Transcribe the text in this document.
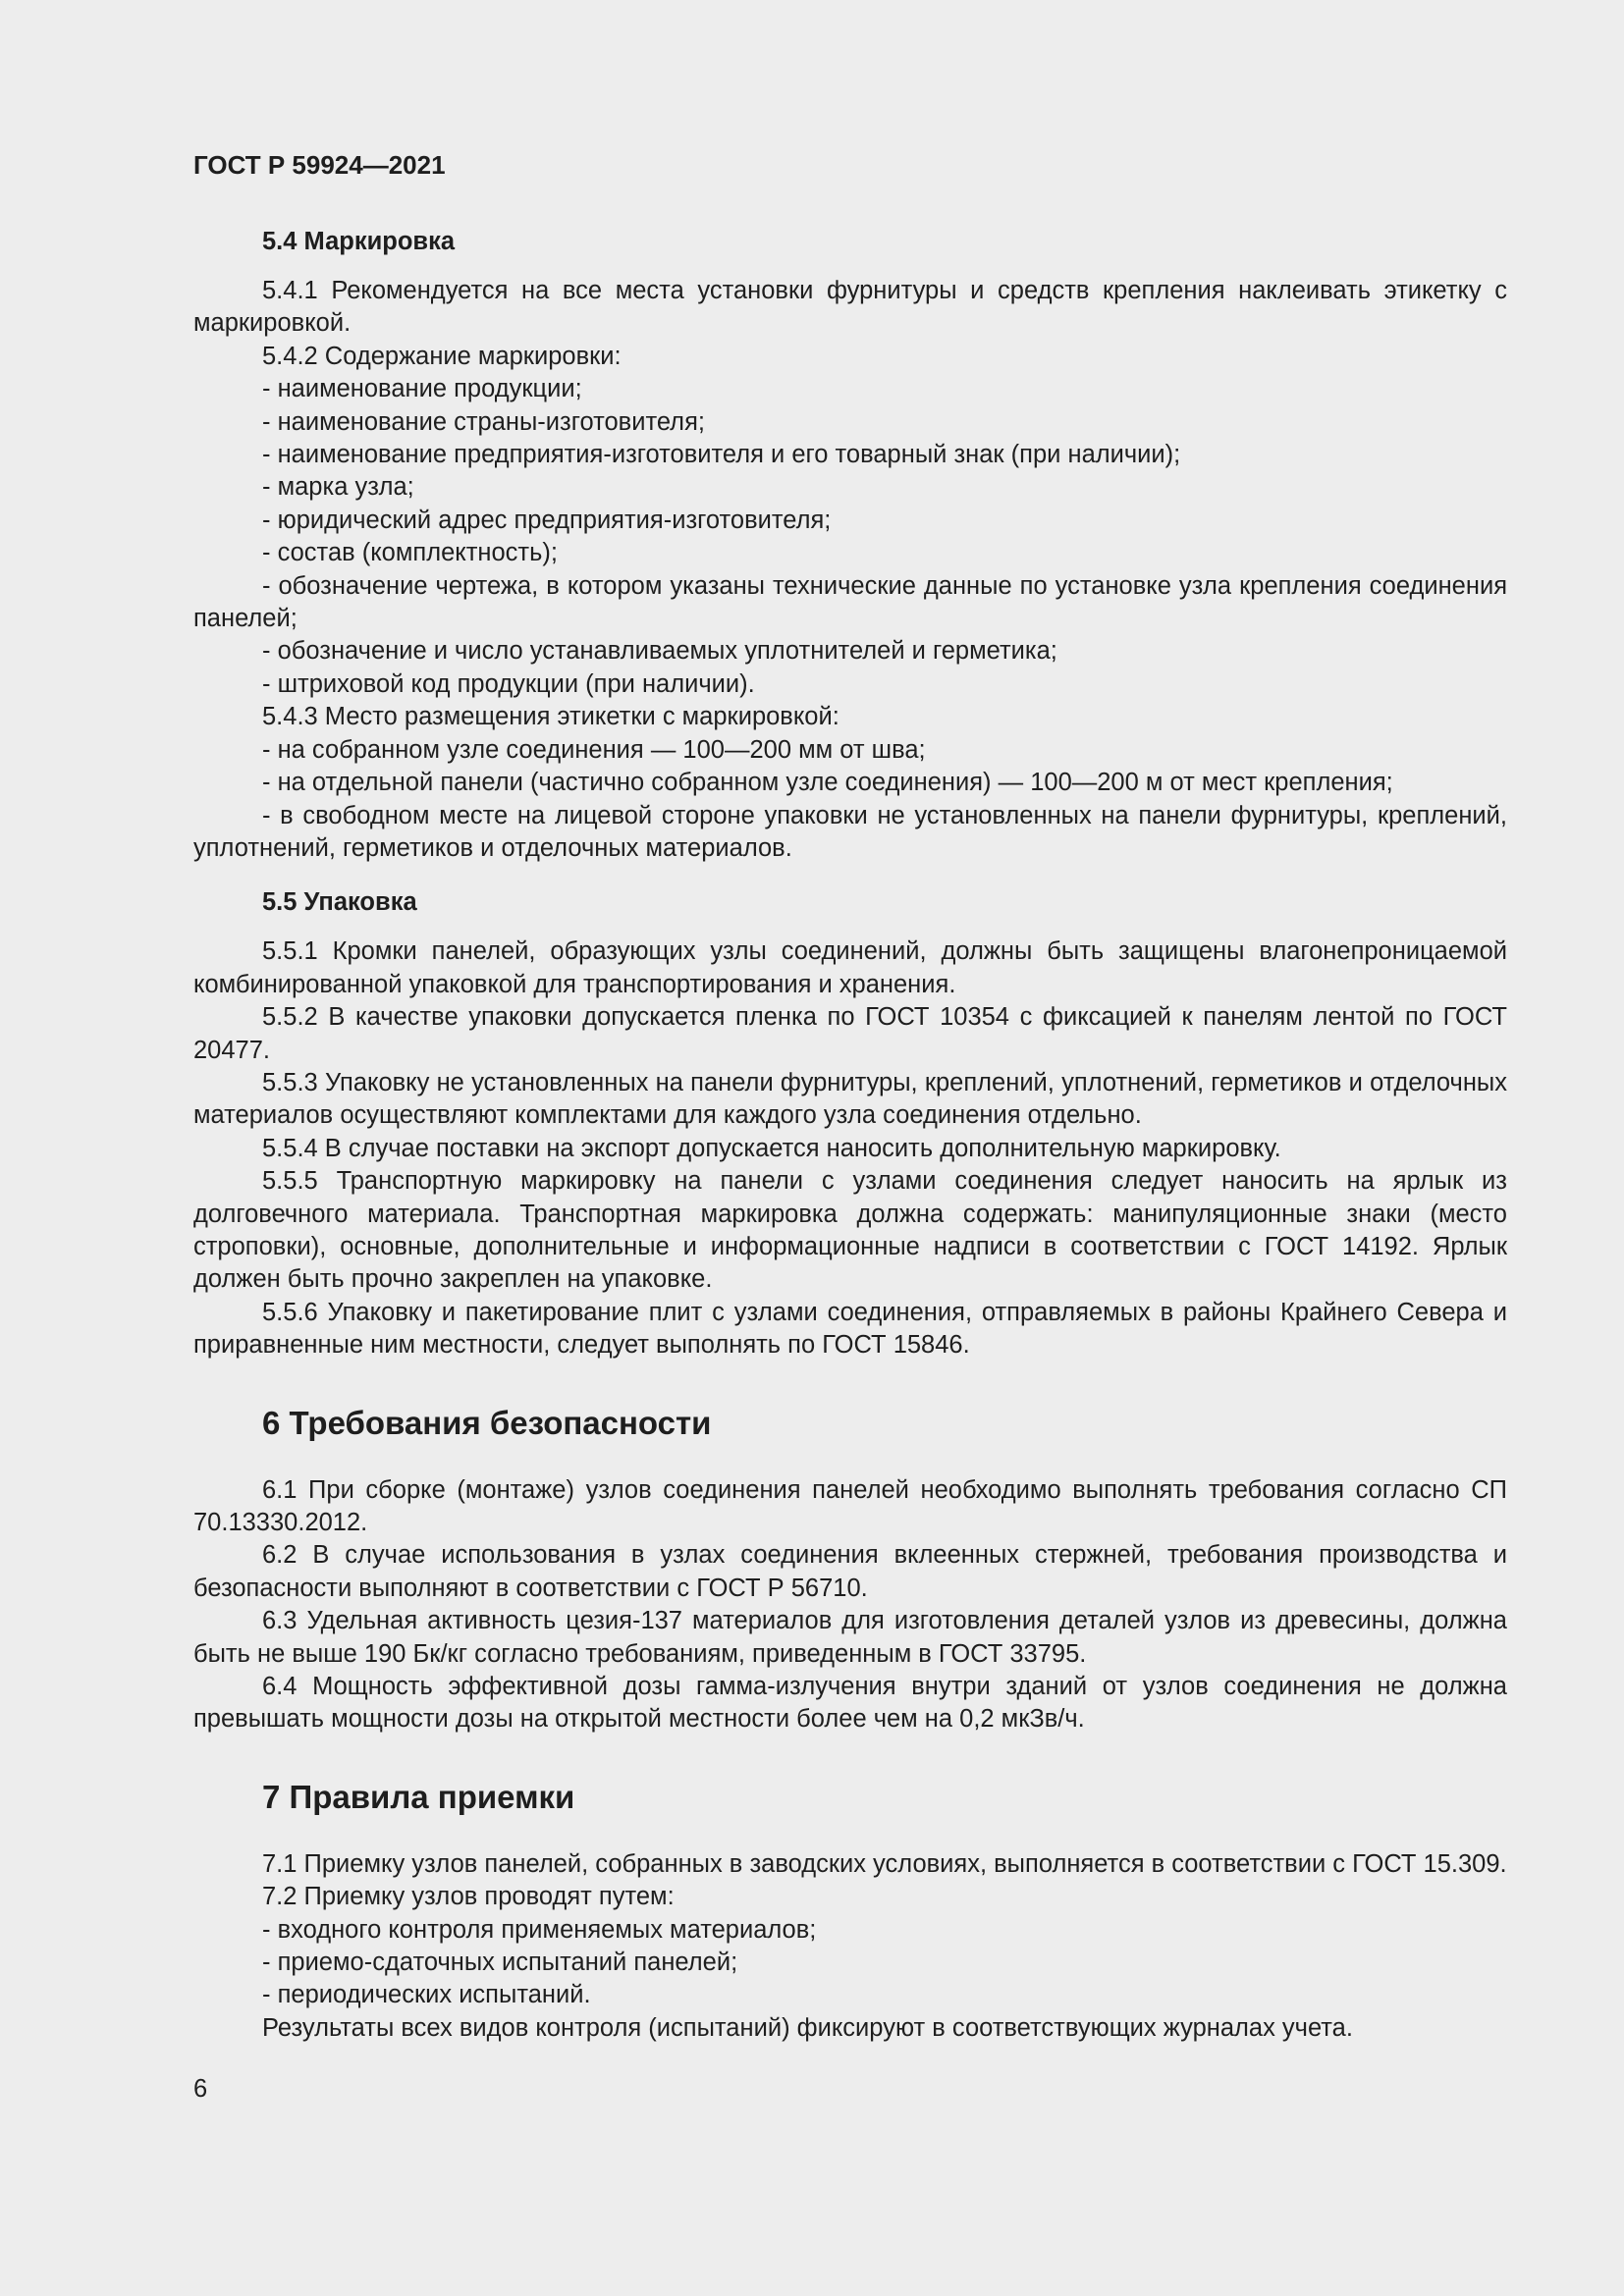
ГОСТ Р 59924—2021
5.4 Маркировка

5.4.1 Рекомендуется на все места установки фурнитуры и средств крепления наклеивать этикетку с маркировкой.

5.4.2 Содержание маркировки:

- наименование продукции;

- наименование страны-изготовителя;

- наименование предприятия-изготовителя и его товарный знак (при наличии);

- марка узла;

- юридический адрес предприятия-изготовителя;

- состав (комплектность);

- обозначение чертежа, в котором указаны технические данные по установке узла крепления соединения панелей;

- обозначение и число устанавливаемых уплотнителей и герметика;

- штриховой код продукции (при наличии).

5.4.3 Место размещения этикетки с маркировкой:

- на собранном узле соединения — 100—200 мм от шва;

- на отдельной панели (частично собранном узле соединения) — 100—200 м от мест крепления;

- в свободном месте на лицевой стороне упаковки не установленных на панели фурнитуры, креплений, уплотнений, герметиков и отделочных материалов.

5.5 Упаковка

5.5.1 Кромки панелей, образующих узлы соединений, должны быть защищены влагонепроницаемой комбинированной упаковкой для транспортирования и хранения.

5.5.2 В качестве упаковки допускается пленка по ГОСТ 10354 с фиксацией к панелям лентой по ГОСТ 20477.

5.5.3 Упаковку не установленных на панели фурнитуры, креплений, уплотнений, герметиков и отделочных материалов осуществляют комплектами для каждого узла соединения отдельно.

5.5.4 В случае поставки на экспорт допускается наносить дополнительную маркировку.

5.5.5 Транспортную маркировку на панели с узлами соединения следует наносить на ярлык из долговечного материала. Транспортная маркировка должна содержать: манипуляционные знаки (место строповки), основные, дополнительные и информационные надписи в соответствии с ГОСТ 14192. Ярлык должен быть прочно закреплен на упаковке.

5.5.6 Упаковку и пакетирование плит с узлами соединения, отправляемых в районы Крайнего Севера и приравненные ним местности, следует выполнять по ГОСТ 15846.

6 Требования безопасности

6.1 При сборке (монтаже) узлов соединения панелей необходимо выполнять требования согласно СП 70.13330.2012.

6.2 В случае использования в узлах соединения вклеенных стержней, требования производства и безопасности выполняют в соответствии с ГОСТ Р 56710.

6.3 Удельная активность цезия-137 материалов для изготовления деталей узлов из древесины, должна быть не выше 190 Бк/кг согласно требованиям, приведенным в ГОСТ 33795.

6.4 Мощность эффективной дозы гамма-излучения внутри зданий от узлов соединения не должна превышать мощности дозы на открытой местности более чем на 0,2 мкЗв/ч.

7 Правила приемки

7.1 Приемку узлов панелей, собранных в заводских условиях, выполняется в соответствии с ГОСТ 15.309.

7.2 Приемку узлов проводят путем:

- входного контроля применяемых материалов;

- приемо-сдаточных испытаний панелей;

- периодических испытаний.

Результаты всех видов контроля (испытаний) фиксируют в соответствующих журналах учета.

6
